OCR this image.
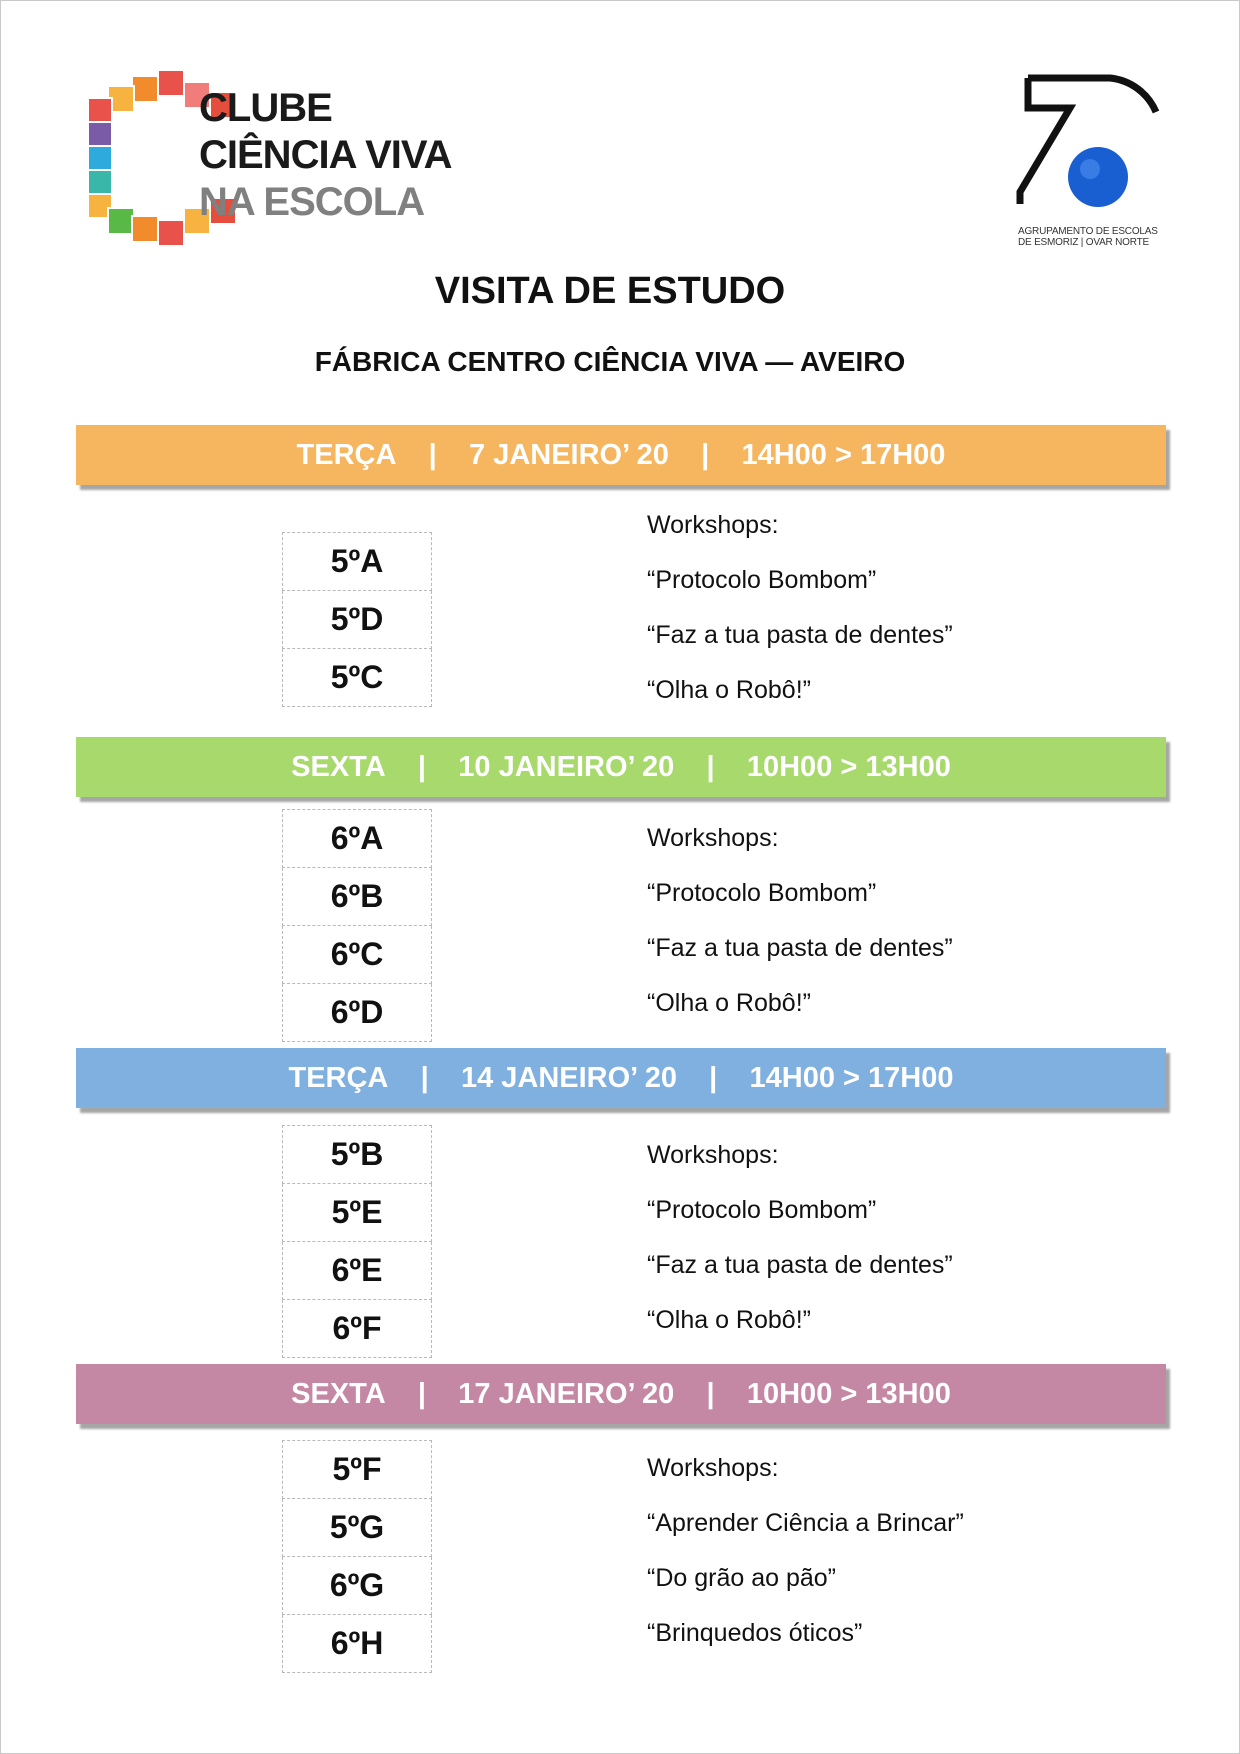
CLUBE
CIÊNCIA VIVA
NA ESCOLA
AGRUPAMENTO DE ESCOLAS
DE ESMORIZ | OVAR NORTE
VISITA DE ESTUDO
FÁBRICA CENTRO CIÊNCIA VIVA — AVEIRO
TERÇA | 7 JANEIRO’ 20 | 14H00 > 17H00
5ºA
5ºD
5ºC
Workshops:
“Protocolo Bombom”
“Faz a tua pasta de dentes”
“Olha o Robô!”
SEXTA | 10 JANEIRO’ 20 | 10H00 > 13H00
6ºA
6ºB
6ºC
6ºD
Workshops:
“Protocolo Bombom”
“Faz a tua pasta de dentes”
“Olha o Robô!”
TERÇA | 14 JANEIRO’ 20 | 14H00 > 17H00
5ºB
5ºE
6ºE
6ºF
Workshops:
“Protocolo Bombom”
“Faz a tua pasta de dentes”
“Olha o Robô!”
SEXTA | 17 JANEIRO’ 20 | 10H00 > 13H00
5ºF
5ºG
6ºG
6ºH
Workshops:
“Aprender Ciência a Brincar”
“Do grão ao pão”
“Brinquedos óticos”
